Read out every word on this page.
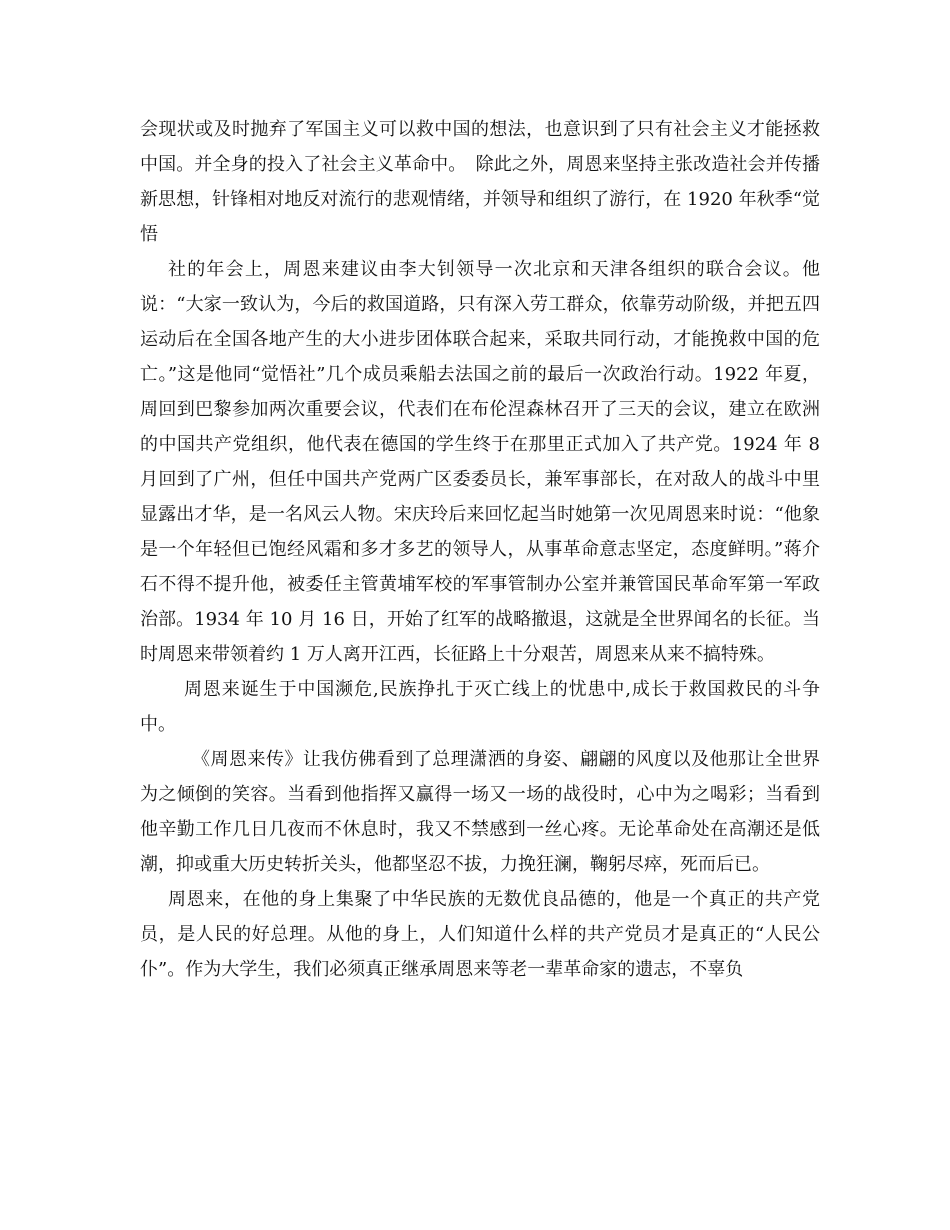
会现状或及时抛弃了军国主义可以救中国的想法，也意识到了只有社会主义才能拯救中国。并全身的投入了社会主义革命中。　除此之外，周恩来坚持主张改造社会并传播新思想，针锋相对地反对流行的悲观情绪，并领导和组织了游行，在 1920 年秋季“觉悟

社的年会上，周恩来建议由李大钊领导一次北京和天津各组织的联合会议。他说：“大家一致认为，今后的救国道路，只有深入劳工群众，依靠劳动阶级，并把五四运动后在全国各地产生的大小进步团体联合起来，采取共同行动，才能挽救中国的危亡。”这是他同“觉悟社”几个成员乘船去法国之前的最后一次政治行动。1922 年夏，周回到巴黎参加两次重要会议，代表们在布伦涅森林召开了三天的会议，建立在欧洲的中国共产党组织，他代表在德国的学生终于在那里正式加入了共产党。1924 年 8 月回到了广州，但任中国共产党两广区委委员长，兼军事部长，在对敌人的战斗中里显露出才华，是一名风云人物。宋庆玲后来回忆起当时她第一次见周恩来时说：“他象是一个年轻但已饱经风霜和多才多艺的领导人，从事革命意志坚定，态度鲜明。”蒋介石不得不提升他，被委任主管黄埔军校的军事管制办公室并兼管国民革命军第一军政治部。1934 年 10 月 16 日，开始了红军的战略撤退，这就是全世界闻名的长征。当时周恩来带领着约 1 万人离开江西，长征路上十分艰苦，周恩来从来不搞特殊。

周恩来诞生于中国濒危,民族挣扎于灭亡线上的忧患中,成长于救国救民的斗争中。

《周恩来传》让我仿佛看到了总理潇洒的身姿、翩翩的风度以及他那让全世界为之倾倒的笑容。当看到他指挥又赢得一场又一场的战役时，心中为之喝彩；当看到他辛勤工作几日几夜而不休息时，我又不禁感到一丝心疼。无论革命处在高潮还是低潮，抑或重大历史转折关头，他都坚忍不拔，力挽狂澜，鞠躬尽瘁，死而后已。

周恩来，在他的身上集聚了中华民族的无数优良品德的，他是一个真正的共产党员，是人民的好总理。从他的身上，人们知道什么样的共产党员才是真正的“人民公仆”。作为大学生，我们必须真正继承周恩来等老一辈革命家的遗志，不辜负
